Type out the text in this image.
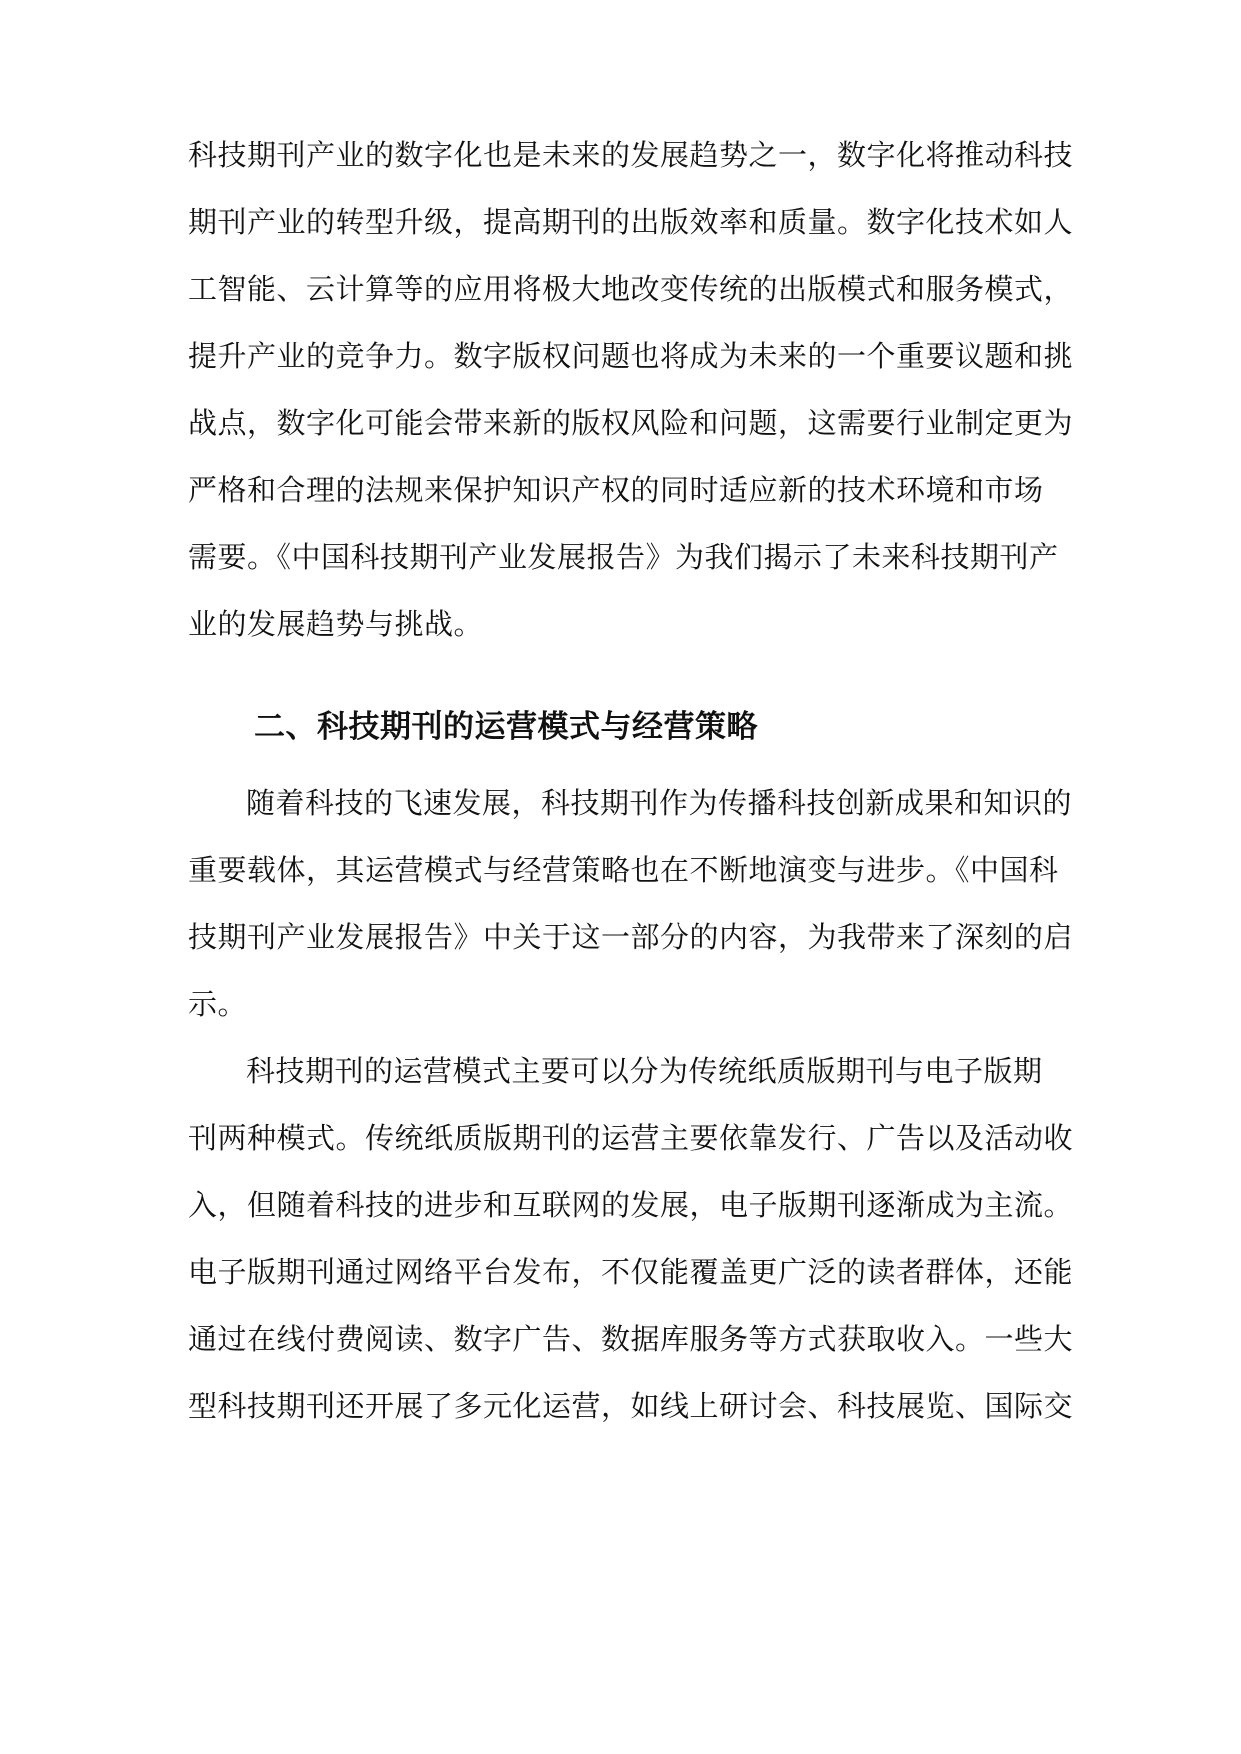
科技期刊产业的数字化也是未来的发展趋势之一，数字化将推动科技
期刊产业的转型升级，提高期刊的出版效率和质量。数字化技术如人
工智能、云计算等的应用将极大地改变传统的出版模式和服务模式，
提升产业的竞争力。数字版权问题也将成为未来的一个重要议题和挑
战点，数字化可能会带来新的版权风险和问题，这需要行业制定更为
严格和合理的法规来保护知识产权的同时适应新的技术环境和市场
需要。《中国科技期刊产业发展报告》为我们揭示了未来科技期刊产
业的发展趋势与挑战。
二、科技期刊的运营模式与经营策略
随着科技的飞速发展，科技期刊作为传播科技创新成果和知识的
重要载体，其运营模式与经营策略也在不断地演变与进步。《中国科
技期刊产业发展报告》中关于这一部分的内容，为我带来了深刻的启
示。
科技期刊的运营模式主要可以分为传统纸质版期刊与电子版期
刊两种模式。传统纸质版期刊的运营主要依靠发行、广告以及活动收
入，但随着科技的进步和互联网的发展，电子版期刊逐渐成为主流。
电子版期刊通过网络平台发布，不仅能覆盖更广泛的读者群体，还能
通过在线付费阅读、数字广告、数据库服务等方式获取收入。一些大
型科技期刊还开展了多元化运营，如线上研讨会、科技展览、国际交
